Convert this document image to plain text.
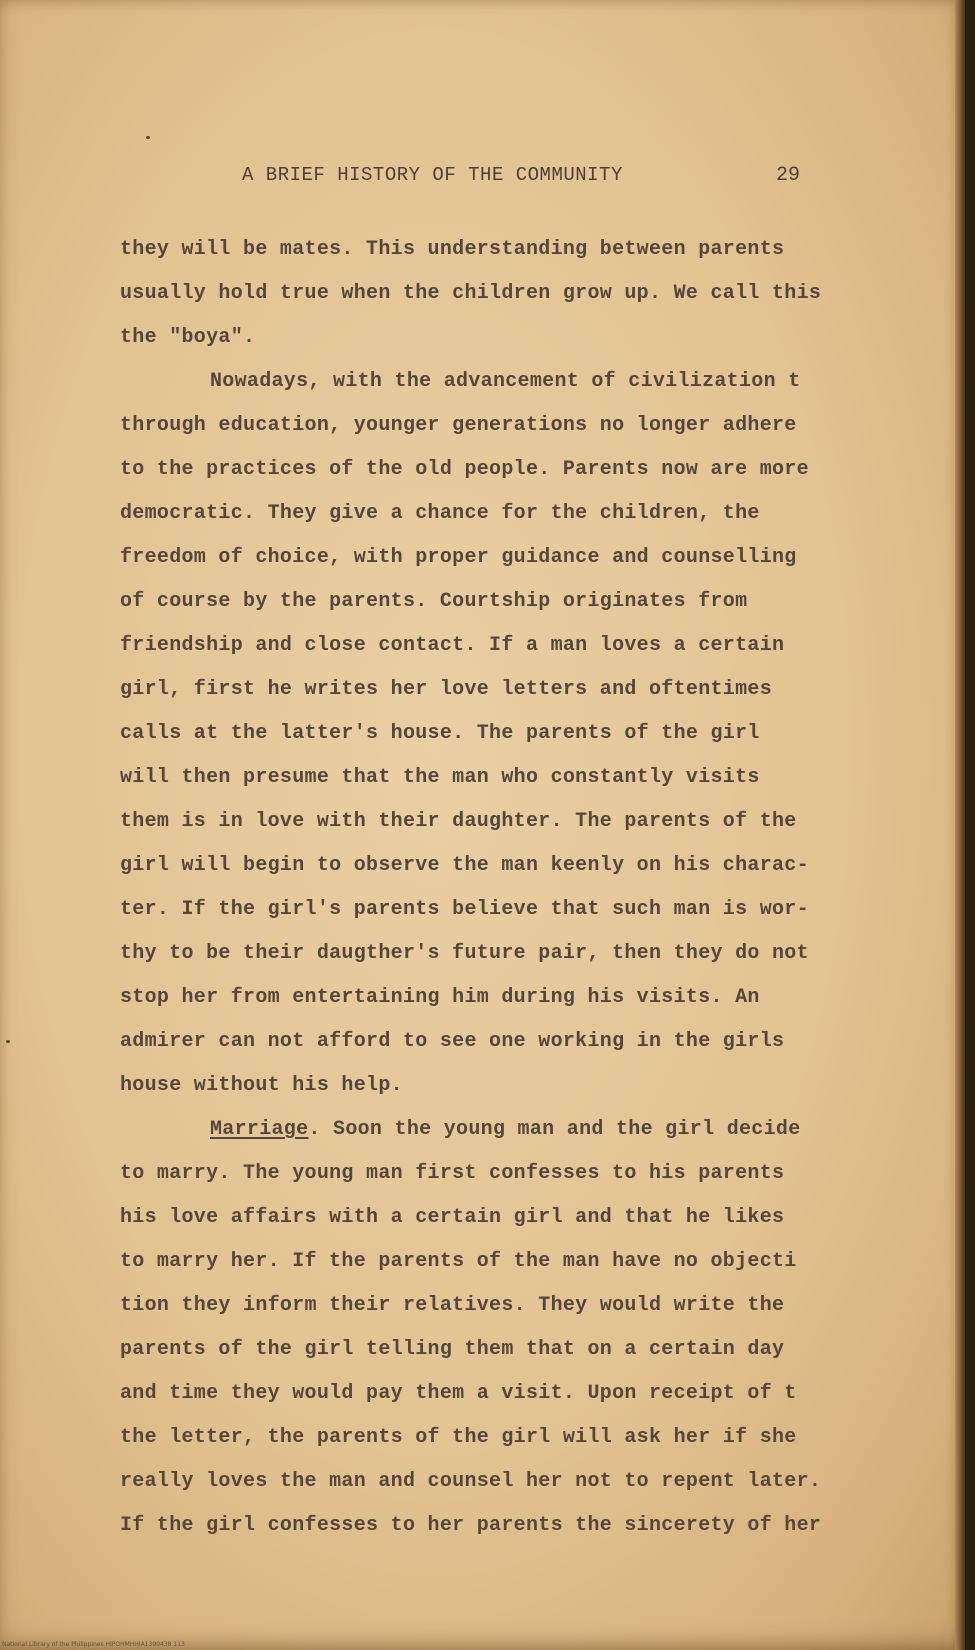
A BRIEF HISTORY OF THE COMMUNITY	29
they will be mates. This understanding between parents
usually hold true when the children grow up. We call this
the "boya".
Nowadays, with the advancement of civilization t
through education, younger generations no longer adhere
to the practices of the old people. Parents now are more
democratic. They give a chance for the children, the
freedom of choice, with proper guidance and counselling
of course by the parents. Courtship originates from
friendship and close contact. If a man loves a certain
girl, first he writes her love letters and oftentimes
calls at the latter's house. The parents of the girl
will then presume that the man who constantly visits
them is in love with their daughter. The parents of the
girl will begin to observe the man keenly on his charac-
ter. If the girl's parents believe that such man is wor-
thy to be their daugther's future pair, then they do not
stop her from entertaining him during his visits. An
admirer can not afford to see one working in the girls
house without his help.
Marriage. Soon the young man and the girl decide
to marry. The young man first confesses to his parents
his love affairs with a certain girl and that he likes
to marry her. If the parents of the man have no objecti
tion they inform their relatives. They would write the
parents of the girl telling them that on a certain day
and time they would pay them a visit. Upon receipt of t
the letter, the parents of the girl will ask her if she
really loves the man and counsel her not to repent later.
If the girl confesses to her parents the sincerety of her
National Library of the Philippines HIPOHMHHIA1390438 113
